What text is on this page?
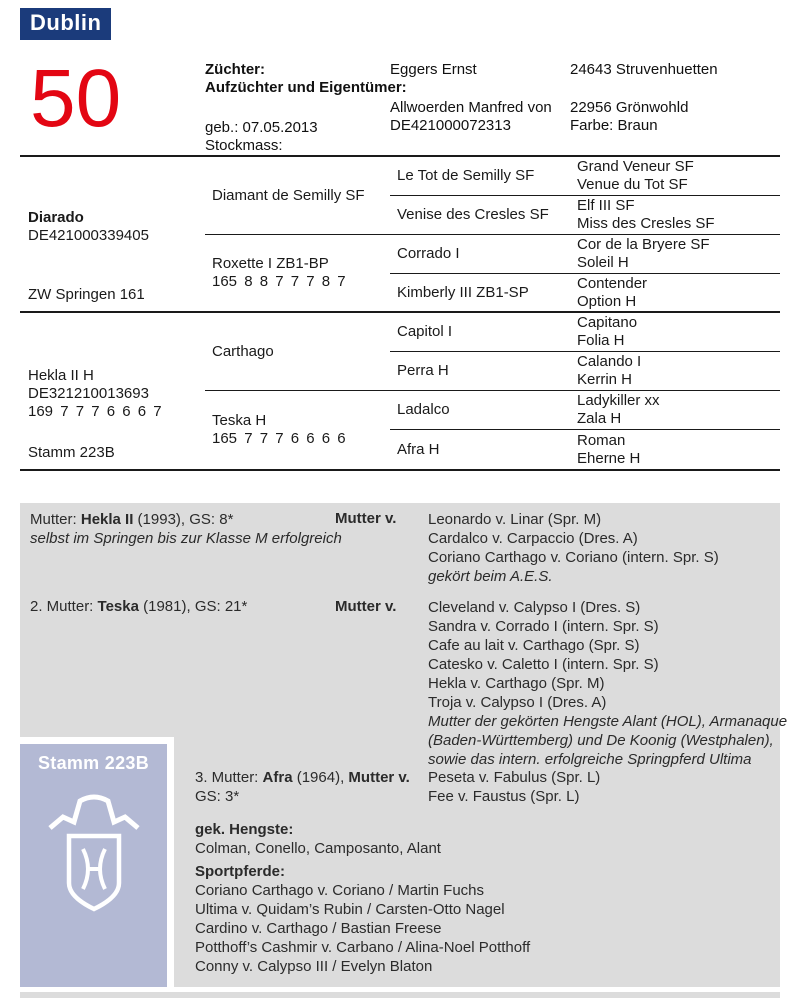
Dublin
50	Züchter:
Aufzüchter und Eigentümer:
geb.: 07.05.2013
Stockmass:
Eggers Ernst
Allwoerden Manfred von
DE421000072313
24643 Struvenhuetten
22956 Grönwohld
Farbe: Braun
Diarado
DE421000339405
ZW Springen 161
Hekla II H
DE321210013693
169 7 7 7 6 6 6 7
Stamm 223B
Diamant de Semilly SF
Roxette I ZB1-BP
165 8 8 7 7 7 8 7
Carthago
Teska H
165 7 7 7 6 6 6 6
Le Tot de Semilly SF
Venise des Cresles SF
Corrado I
Kimberly III ZB1-SP
Capitol I
Perra H
Ladalco
Afra H
Grand Veneur SF
Venue du Tot SF
Elf III SF
Miss des Cresles SF
Cor de la Bryere SF
Soleil H
Contender
Option H
Capitano
Folia H
Calando I
Kerrin H
Ladykiller xx
Zala H
Roman
Eherne H
Mutter: Hekla II (1993), GS: 8*
selbst im Springen bis zur Klasse M erfolgreich
Mutter v. Leonardo v. Linar (Spr. M)
Cardalco v. Carpaccio (Dres. A)
Coriano Carthago v. Coriano (intern. Spr. S)
gekört beim A.E.S.
2. Mutter: Teska (1981), GS: 21*	Mutter v. Cleveland v. Calypso I (Dres. S)
Sandra v. Corrado I (intern. Spr. S)
Cafe au lait v. Carthago (Spr. S)
Catesko v. Caletto I (intern. Spr. S)
Hekla v. Carthago (Spr. M)
Troja v. Calypso I (Dres. A)
Mutter der gekörten Hengste Alant (HOL), Armanaque
(Baden-Württemberg) und De Koonig (Westphalen),
sowie das intern. erfolgreiche Springpferd Ultima
3. Mutter: Afra (1964), Mutter v.
GS: 3*
Peseta v. Fabulus (Spr. L)
Fee v. Faustus (Spr. L)
gek. Hengste:
Colman, Conello, Camposanto, Alant
Sportpferde:
Coriano Carthago v. Coriano / Martin Fuchs
Ultima v. Quidam’s Rubin / Carsten-Otto Nagel
Cardino v. Carthago / Bastian Freese
Potthoff’s Cashmir v. Carbano / Alina-Noel Potthoff
Conny v. Calypso III / Evelyn Blaton
Stamm 223B
